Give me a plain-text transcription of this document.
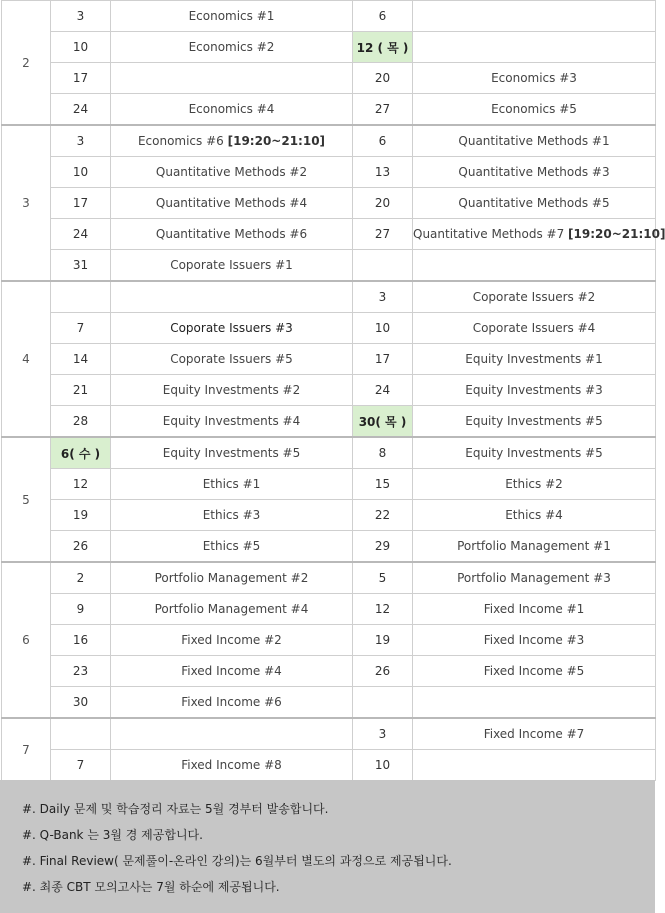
2	3	Economics #1	6	
	10	Economics #2	12 ( 목 )	
	17		20	Economics #3
	24	Economics #4	27	Economics #5
3	3	Economics #6 [19:20~21:10]	6	Quantitative Methods #1
	10	Quantitative Methods #2	13	Quantitative Methods #3
	17	Quantitative Methods #4	20	Quantitative Methods #5
	24	Quantitative Methods #6	27	Quantitative Methods #7 [19:20~21:10]
	31	Coporate Issuers #1		
4			3	Coporate Issuers #2
	7	Coporate Issuers #3	10	Coporate Issuers #4
	14	Coporate Issuers #5	17	Equity Investments #1
	21	Equity Investments #2	24	Equity Investments #3
	28	Equity Investments #4	30( 목 )	Equity Investments #5
5	6( 수 )	Equity Investments #5	8	Equity Investments #5
	12	Ethics #1	15	Ethics #2
	19	Ethics #3	22	Ethics #4
	26	Ethics #5	29	Portfolio Management #1
6	2	Portfolio Management #2	5	Portfolio Management #3
	9	Portfolio Management #4	12	Fixed Income #1
	16	Fixed Income #2	19	Fixed Income #3
	23	Fixed Income #4	26	Fixed Income #5
	30	Fixed Income #6		
7			3	Fixed Income #7
	7	Fixed Income #8	10	

#. Daily 문제 및 학습정리 자료는 5월 경부터 발송합니다.

#. Q-Bank 는 3월 경 제공합니다.

#. Final Review( 문제풀이-온라인 강의)는 6월부터 별도의 과정으로 제공됩니다.

#. 최종 CBT 모의고사는 7월 하순에 제공됩니다.
